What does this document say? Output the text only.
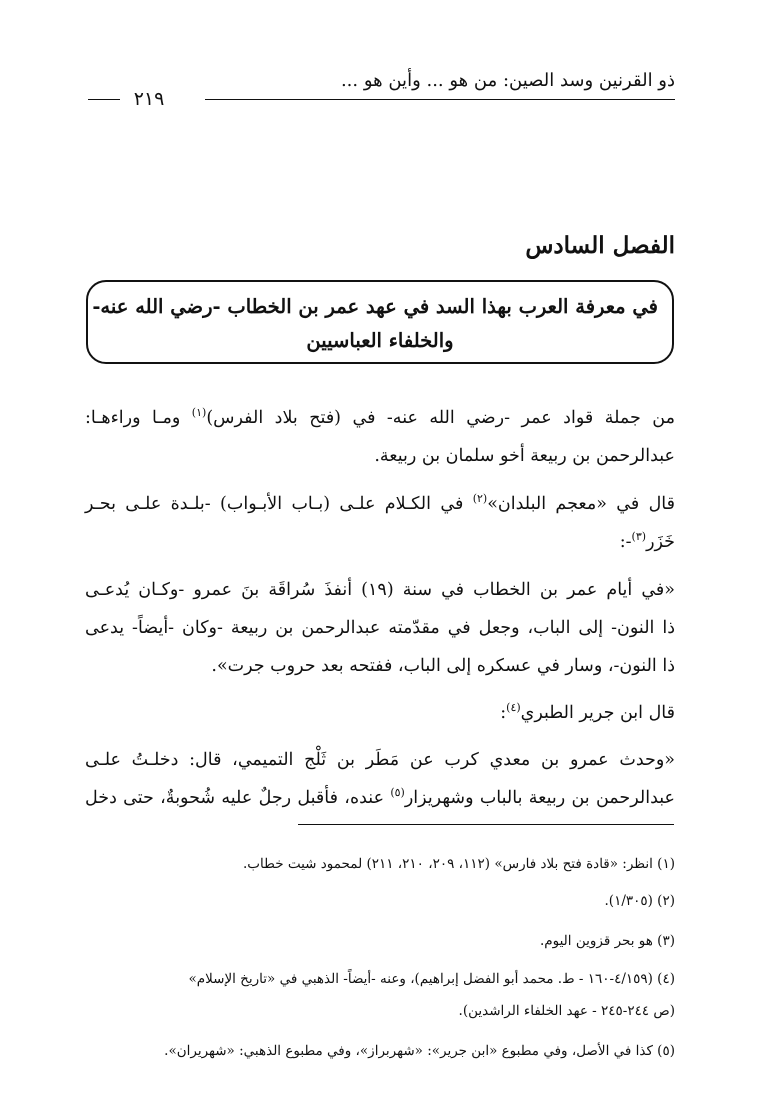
ذو القرنين وسد الصين: من هو ... وأين هو ...
٢١٩
الفصل السادس
في معرفة العرب بهذا السد في عهد عمر بن الخطاب -رضي الله عنه-
والخلفاء العباسيين
من جملة قواد عمر -رضي الله عنه- في (فتح بلاد الفرس)$^{(١)}$ ومـا وراءهـا:
عبدالرحمن بن ربيعة أخو سلمان بن ربيعة.
قال في «معجم البلدان»$^{(٢)}$ في الكـلام علـى (بـاب الأبـواب) -بلـدة علـى بحـر
خَزَر$^{(٣)}$-:
«في أيام عمر بن الخطاب في سنة (١٩) أنفذَ سُراقَة بنَ عمرو -وكـان يُدعـى
ذا النون- إلى الباب، وجعل في مقدّمته عبدالرحمن بن ربيعة -وكان -أيضاً- يدعى
ذا النون-، وسار في عسكره إلى الباب، ففتحه بعد حروب جرت».
قال ابن جرير الطبري$^{(٤)}$:
«وحدث عمرو بن معدي كرب عن مَطَر بن ثَلْج التميمي، قال: دخلـتُ علـى
عبدالرحمن بن ربيعة بالباب وشهريزار$^{(٥)}$ عنده، فأقبل رجلٌ عليه شُحوبةٌ، حتى دخل
(١) انظر: «قادة فتح بلاد فارس» (١١٢، ٢٠٩، ٢١٠، ٢١١) لمحمود شيت خطاب.
(٢) (١/٣٠٥).
(٣) هو بحر قزوين اليوم.
(٤) (٤/١٥٩-١٦٠ - ط. محمد أبو الفضل إبراهيم)، وعنه -أيضاً- الذهبي في «تاريخ الإسلام»
(ص ٢٤٤-٢٤٥ - عهد الخلفاء الراشدين).
(٥) كذا في الأصل، وفي مطبوع «ابن جرير»: «شهربراز»، وفي مطبوع الذهبي: «شهريران».
